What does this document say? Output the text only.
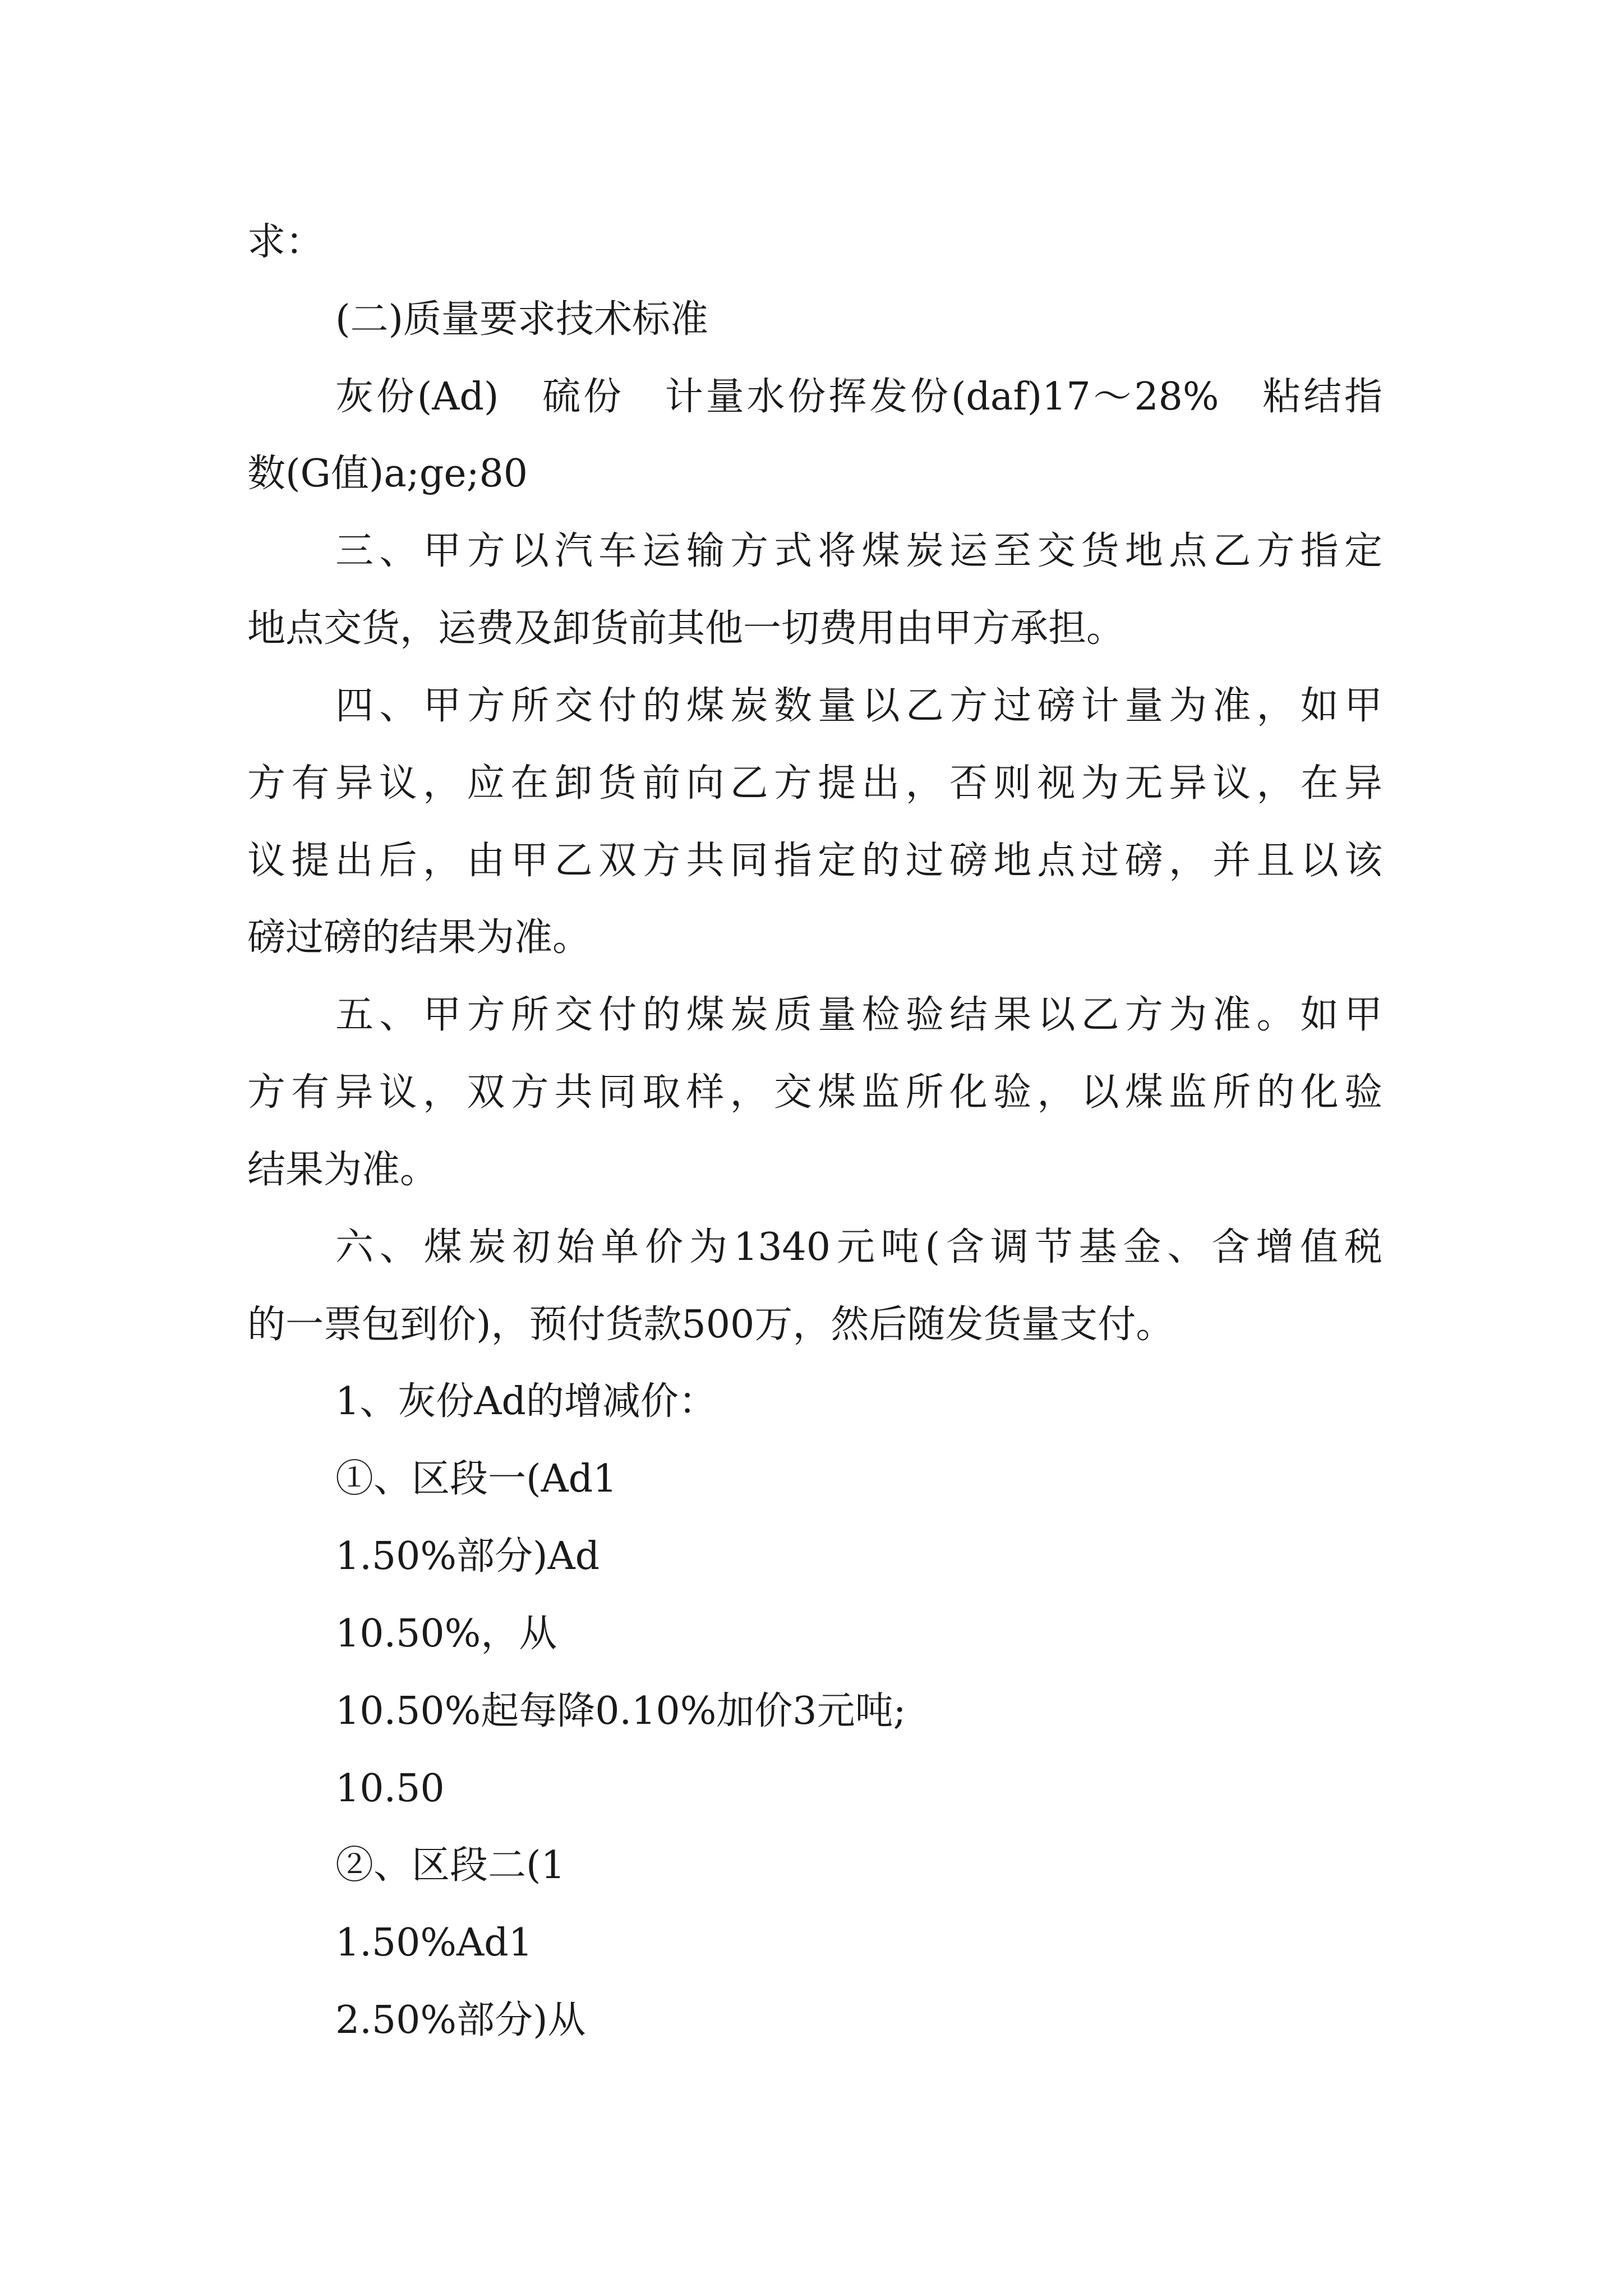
求：
(二)质量要求技术标准
灰份(Ad)　硫份　计量水份挥发份(daf)17～28%　粘结指
数(G值)a;ge;80
三、甲方以汽车运输方式将煤炭运至交货地点乙方指定
地点交货，运费及卸货前其他一切费用由甲方承担。
四、甲方所交付的煤炭数量以乙方过磅计量为准，如甲
方有异议，应在卸货前向乙方提出，否则视为无异议，在异
议提出后，由甲乙双方共同指定的过磅地点过磅，并且以该
磅过磅的结果为准。
五、甲方所交付的煤炭质量检验结果以乙方为准。如甲
方有异议，双方共同取样，交煤监所化验，以煤监所的化验
结果为准。
六、煤炭初始单价为1340元吨(含调节基金、含增值税
的一票包到价)，预付货款500万，然后随发货量支付。
1、灰份Ad的增减价：
①、区段一(Ad1
1.50%部分)Ad
10.50%，从
10.50%起每降0.10%加价3元吨;
10.50
②、区段二(1
1.50%Ad1
2.50%部分)从
